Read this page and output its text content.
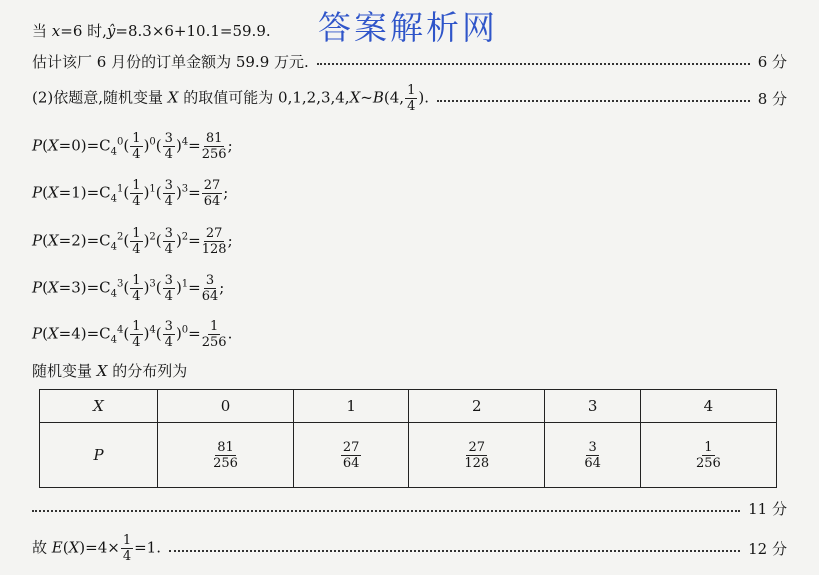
答案解析网
当 x=6 时,ŷ=8.3×6+10.1=59.9.
估计该厂 6 月份的订单金额为 59.9 万元.	6 分
(2)依题意,随机变量 X 的取值可能为 0,1,2,3,4,X~B(4, $\frac{1}{4}$ ).	8 分
$P(X=0)=C_4^0( \frac{1}{4} )^0( \frac{3}{4} )^4= \frac{81}{256}$ ;
$P(X=1)=C_4^1( \frac{1}{4} )^1( \frac{3}{4} )^3= \frac{27}{64}$ ;
$P(X=2)=C_4^2( \frac{1}{4} )^2( \frac{3}{4} )^2= \frac{27}{128}$ ;
$P(X=3)=C_4^3( \frac{1}{4} )^3( \frac{3}{4} )^1= \frac{3}{64}$ ;
$P(X=4)=C_4^4( \frac{1}{4} )^4( \frac{3}{4} )^0= \frac{1}{256}$ .
随机变量 X 的分布列为
X	0	1	2	3	4
P	$\frac{81}{256}$	$\frac{27}{64}$	$\frac{27}{128}$	$\frac{3}{64}$	$\frac{1}{256}$
11 分
故 $E(X)=4\times \frac{1}{4} =1$.	12 分
